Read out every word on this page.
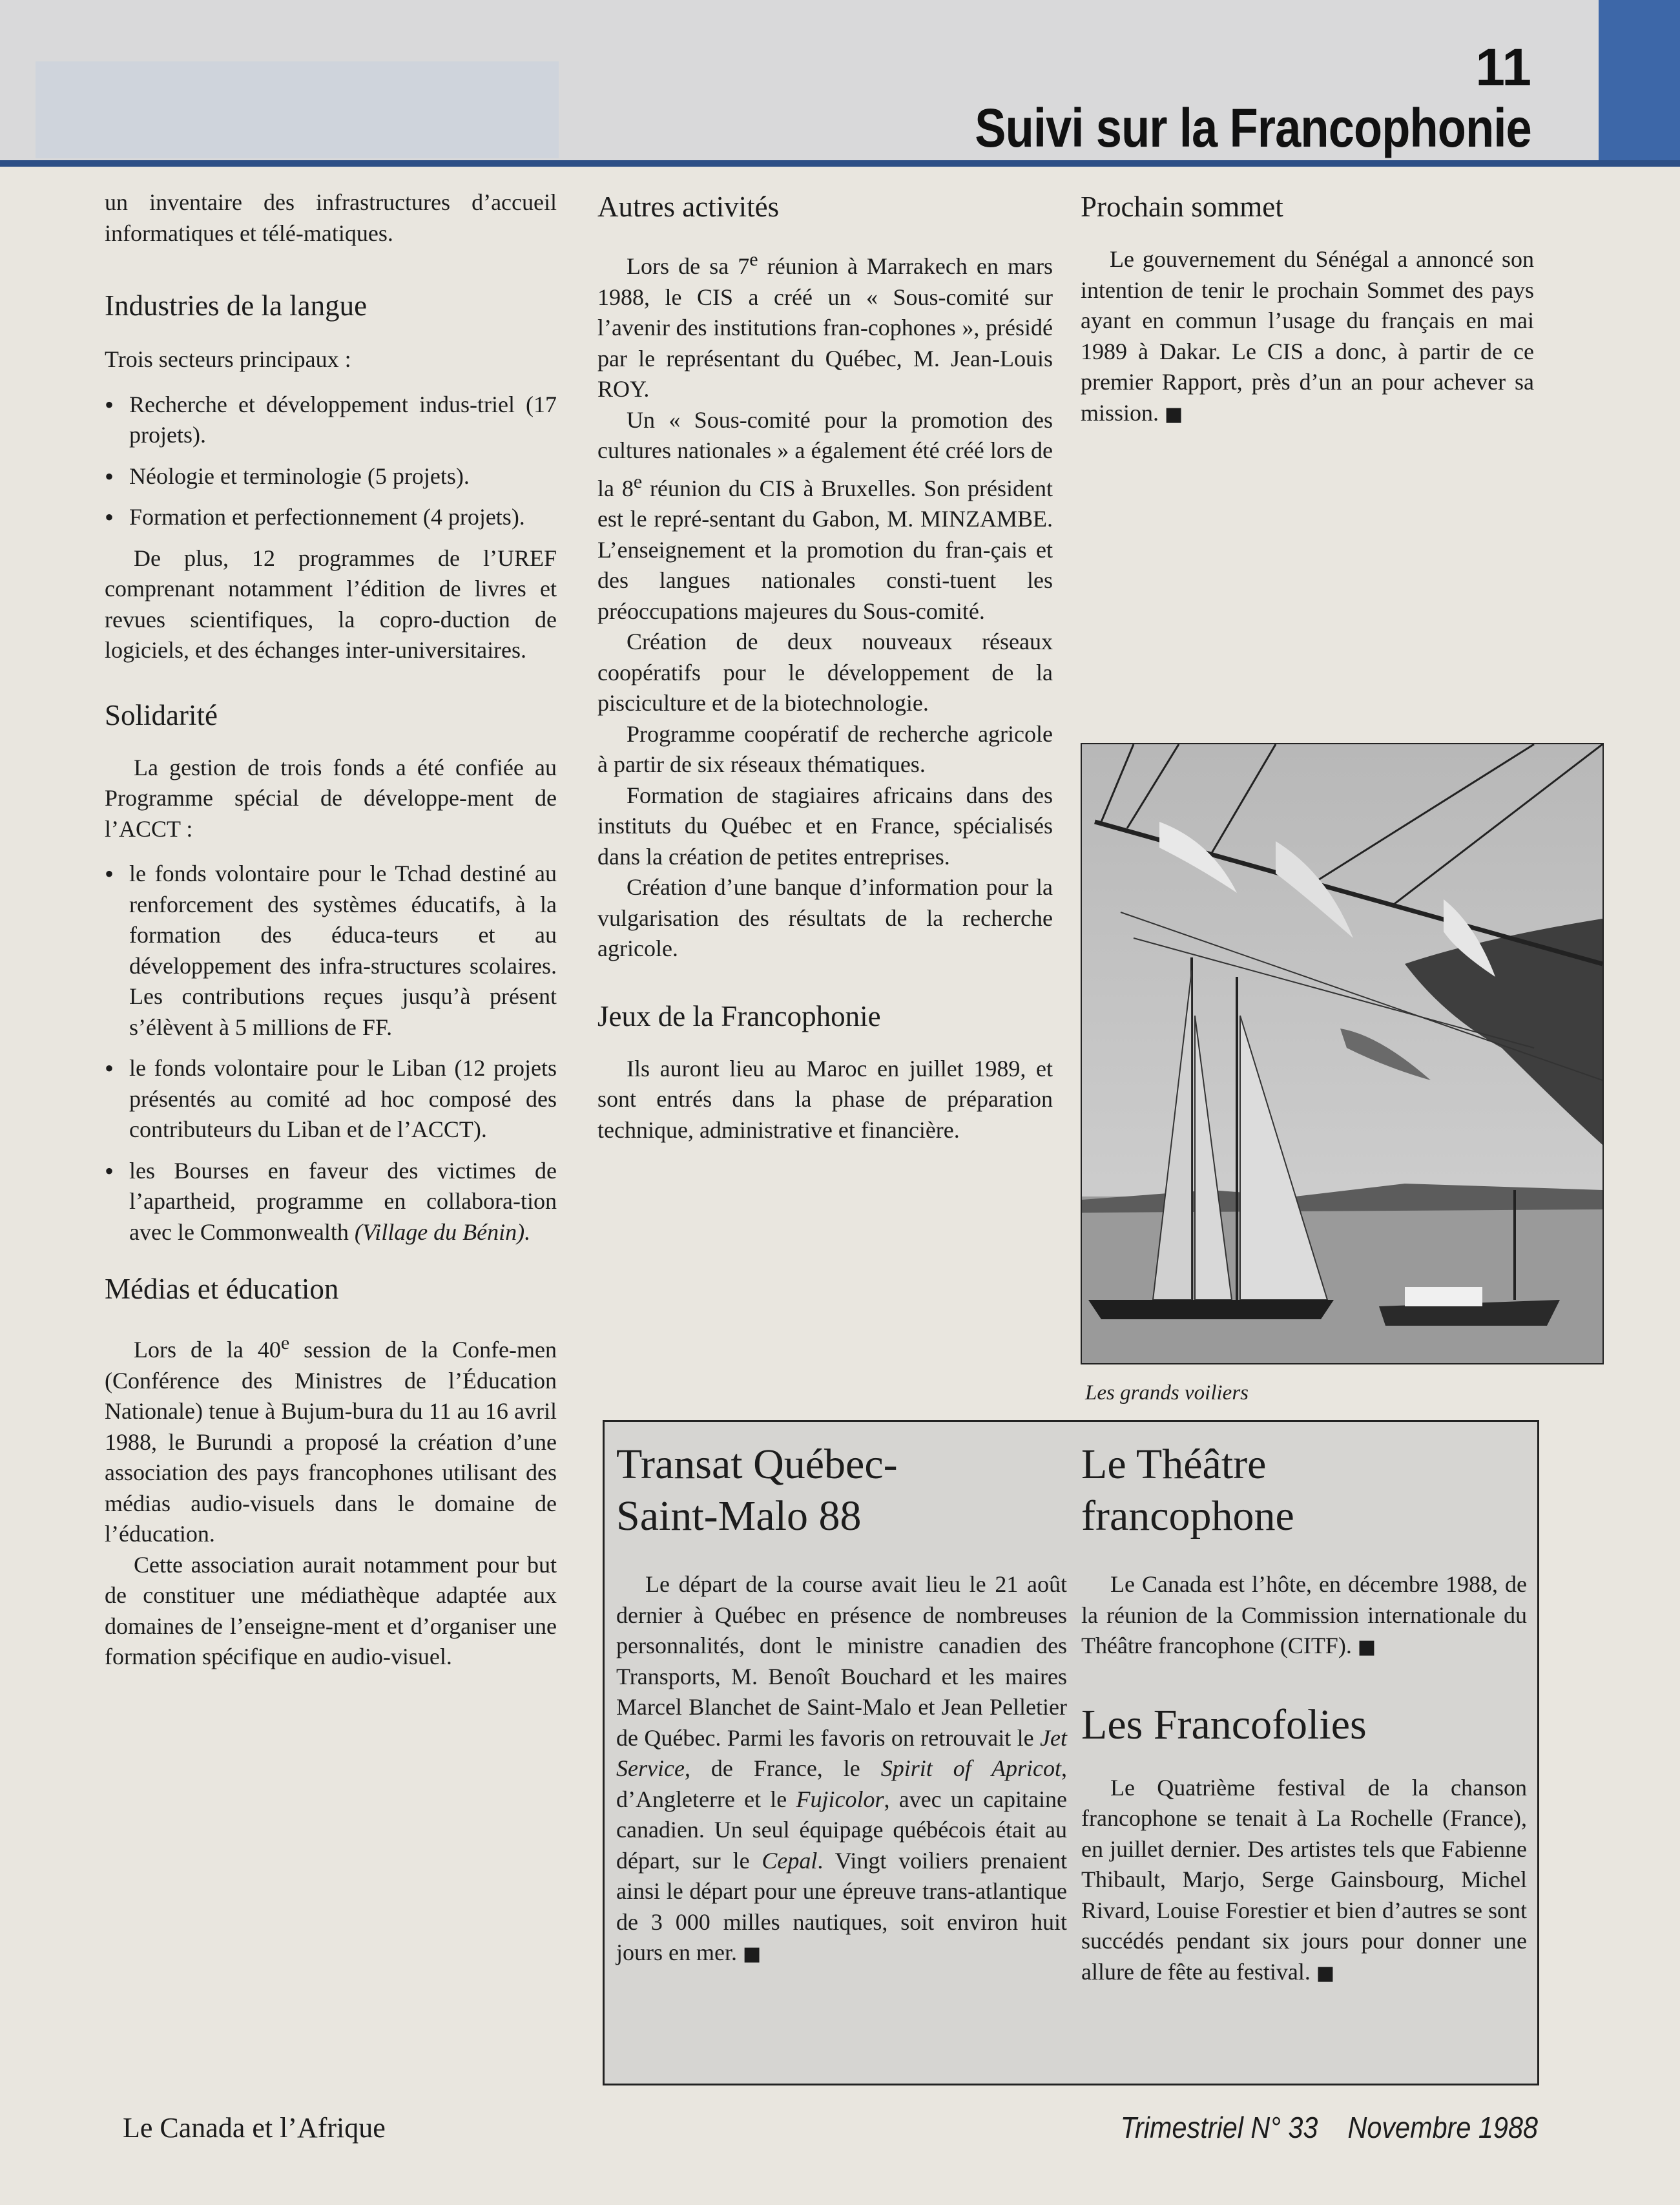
11
Suivi sur la Francophonie

un inventaire des infrastructures d’accueil informatiques et télé-matiques.

Industries de la langue

Trois secteurs principaux :

• Recherche et développement indus-triel (17 projets).
• Néologie et terminologie (5 projets).
• Formation et perfectionnement (4 projets).

De plus, 12 programmes de l’UREF comprenant notamment l’édition de livres et revues scientifiques, la copro-duction de logiciels, et des échanges inter-universitaires.

Solidarité

La gestion de trois fonds a été confiée au Programme spécial de développe-ment de l’ACCT :

• le fonds volontaire pour le Tchad destiné au renforcement des systèmes éducatifs, à la formation des éduca-teurs et au développement des infra-structures scolaires. Les contributions reçues jusqu’à présent s’élèvent à 5 millions de FF.
• le fonds volontaire pour le Liban (12 projets présentés au comité ad hoc composé des contributeurs du Liban et de l’ACCT).
• les Bourses en faveur des victimes de l’apartheid, programme en collabora-tion avec le Commonwealth (Village du Bénin).
Médias et éducation

Lors de la 40e session de la Confe-men (Conférence des Ministres de l’Éducation Nationale) tenue à Bujum-bura du 11 au 16 avril 1988, le Burundi a proposé la création d’une association des pays francophones utilisant des médias audio-visuels dans le domaine de l’éducation.

Cette association aurait notamment pour but de constituer une médiathèque adaptée aux domaines de l’enseigne-ment et d’organiser une formation spécifique en audio-visuel.

Autres activités

Lors de sa 7e réunion à Marrakech en mars 1988, le CIS a créé un « Sous-comité sur l’avenir des institutions fran-cophones », présidé par le représentant du Québec, M. Jean-Louis ROY.

Un « Sous-comité pour la promotion des cultures nationales » a également été créé lors de la 8e réunion du CIS à Bruxelles. Son président est le repré-sentant du Gabon, M. MINZAMBE. L’enseignement et la promotion du fran-çais et des langues nationales consti-tuent les préoccupations majeures du Sous-comité.

Création de deux nouveaux réseaux coopératifs pour le développement de la pisciculture et de la biotechnologie.

Programme coopératif de recherche agricole à partir de six réseaux thématiques.

Formation de stagiaires africains dans des instituts du Québec et en France, spécialisés dans la création de petites entreprises.

Création d’une banque d’information pour la vulgarisation des résultats de la recherche agricole.

Jeux de la Francophonie

Ils auront lieu au Maroc en juillet 1989, et sont entrés dans la phase de préparation technique, administrative et financière.

Prochain sommet

Le gouvernement du Sénégal a annoncé son intention de tenir le prochain Sommet des pays ayant en commun l’usage du français en mai 1989 à Dakar. Le CIS a donc, à partir de ce premier Rapport, près d’un an pour achever sa mission. ■

Les grands voiliers
Transat Québec-
Saint-Malo 88

Le départ de la course avait lieu le 21 août dernier à Québec en présence de nombreuses personnalités, dont le ministre canadien des Transports, M. Benoît Bouchard et les maires Marcel Blanchet de Saint-Malo et Jean Pelletier de Québec. Parmi les favoris on retrouvait le Jet Service, de France, le Spirit of Apricot, d’Angleterre et le Fujicolor, avec un capitaine canadien. Un seul équipage québécois était au départ, sur le Cepal. Vingt voiliers prenaient ainsi le départ pour une épreuve trans-atlantique de 3 000 milles nautiques, soit environ huit jours en mer. ■

Le Théâtre
francophone

Le Canada est l’hôte, en décembre 1988, de la réunion de la Commission internationale du Théâtre francophone (CITF). ■

Les Francofolies

Le Quatrième festival de la chanson francophone se tenait à La Rochelle (France), en juillet dernier. Des artistes tels que Fabienne Thibault, Marjo, Serge Gainsbourg, Michel Rivard, Louise Forestier et bien d’autres se sont succédés pendant six jours pour donner une allure de fête au festival. ■

Le Canada et l’Afrique	Trimestriel N° 33    Novembre 1988
